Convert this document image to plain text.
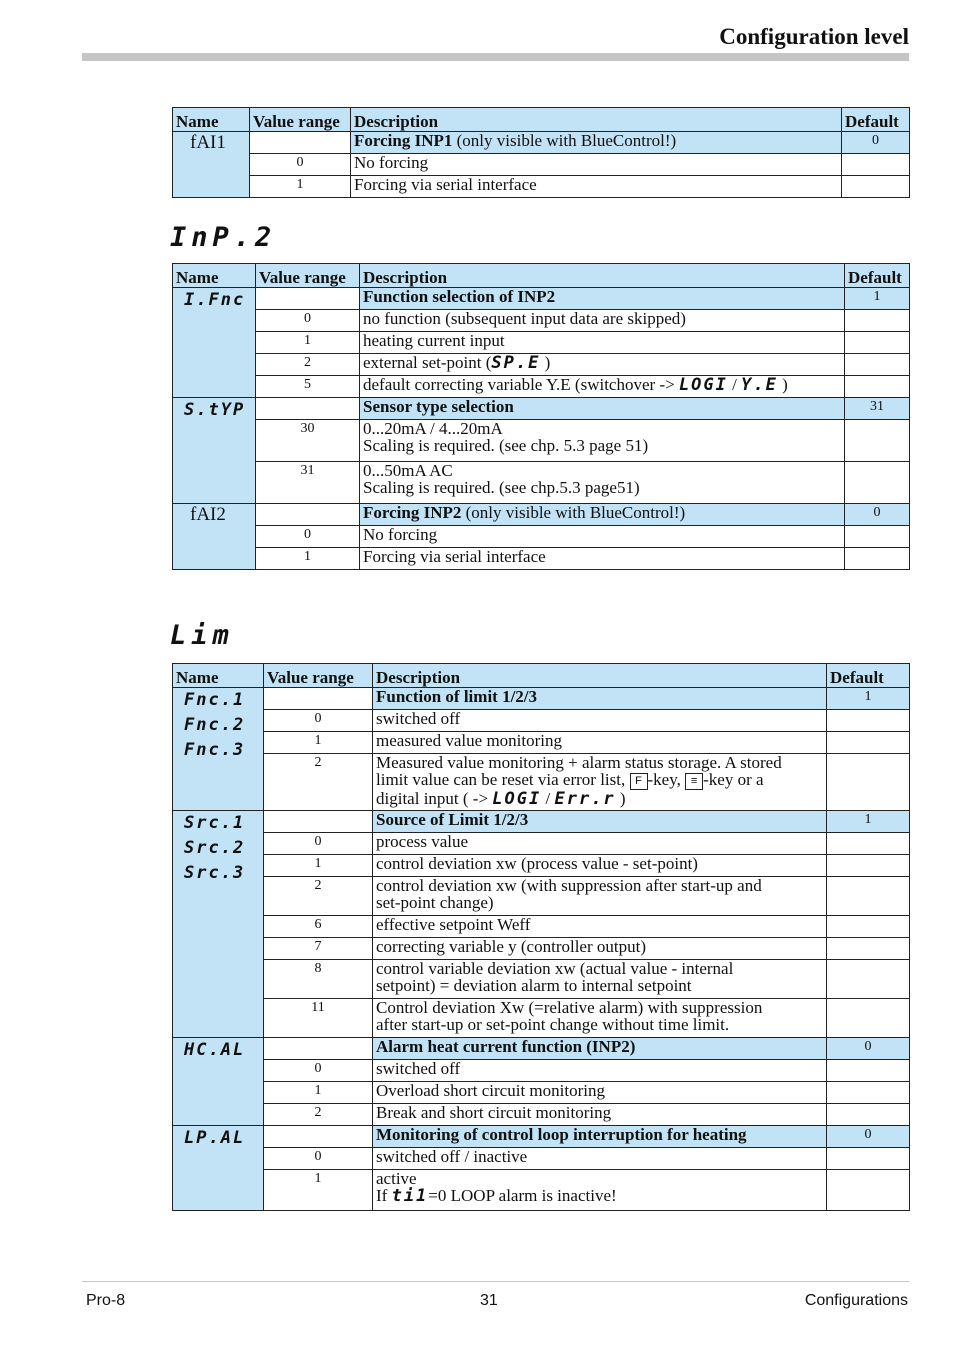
Configuration level
Name	Value range	Description	Default

fAI1		Forcing INP1 (only visible with BlueControl!)	0
	0	No forcing	
	1	Forcing via serial interface	
InP.2
Name	Value range	Description	Default

I.Fnc		Function selection of INP2	1
	0	no function (subsequent input data are skipped)	
	1	heating current input	
	2	external set-point (SP.E )	
	5	default correcting variable Y.E (switchover -> LOGI / Y.E )	

S.tYP		Sensor type selection	31
	30	0...20mA / 4...20mA
Scaling is required. (see chp. 5.3 page 51)	

	31	0...50mA AC
Scaling is required. (see chp.5.3 page51)	

fAI2		Forcing INP2 (only visible with BlueControl!)	0
	0	No forcing	
	1	Forcing via serial interface	
Lim
Name	Value range	Description	Default

Fnc.1
Fnc.2
Fnc.3		Function of limit 1/2/3	1
	0	switched off	
	1	measured value monitoring	
	2	Measured value monitoring + alarm status storage. A stored
limit value can be reset via error list, F -key, ≡ -key or a
digital input ( -> LOGI / Err.r )	

Src.1
Src.2
Src.3		Source of Limit 1/2/3	1
	0	process value	
	1	control deviation xw (process value - set-point)	
	2	control deviation xw (with suppression after start-up and
set-point change)	

	6	effective setpoint Weff	
	7	correcting variable y (controller output)	
	8	control variable deviation xw (actual value - internal
setpoint) = deviation alarm to internal setpoint	

	11	Control deviation Xw (=relative alarm) with suppression
after start-up or set-point change without time limit.	

HC.AL		Alarm heat current function (INP2)	0
	0	switched off	
	1	Overload short circuit monitoring	
	2	Break and short circuit monitoring	

LP.AL		Monitoring of control loop interruption for heating	0
	0	switched off / inactive	
	1	active
If ti1=0 LOOP alarm is inactive!	

Pro-8	31	Configurations
